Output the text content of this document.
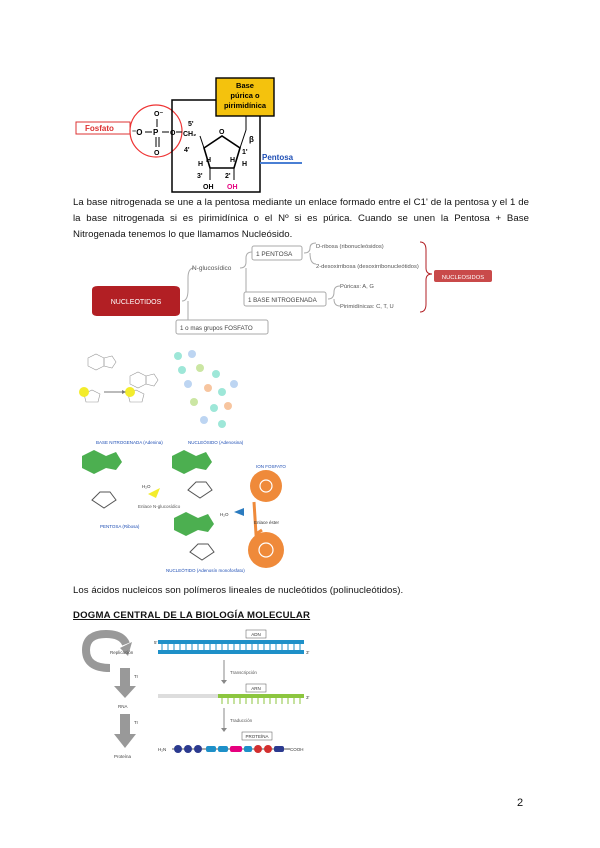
Fosfato ⁻O P
O⁻
O
O
5'
CH₂	O
4'	1'
β
H	H
H	H
3'	2'
OH OH
Base
púrica o
pirimidínica
Pentosa
La base nitrogenada se une a la pentosa mediante un enlace formado entre el C1' de la pentosa y el 1 de la base nitrogenada si es pirimidínica o el Nº si es púrica. Cuando se unen la Pentosa + Base Nitrogenada tenemos lo que llamamos Nucleósido.
NUCLEOTIDOS
N-glucosídico
1 PENTOSA
D-ribosa (ribonucleósidos)
2-desoxirribosa (desoxirribonucleótidos)
1 BASE NITROGENADA
Púricas: A, G
Pirimidínicas: C, T, U
1 o mas grupos FOSFATO
NUCLEOSIDOS
BASE NITROGENADA (Adenina)	NUCLEÓSIDO (Adenosina)
ION FOSFATO
PENTOSA (Ribosa)
Enlace N-glucosídico
H₂O
H₂O
Enlace éster
NUCLEÓTIDO (Adenosín monofosfato)
Los ácidos nucleicos son polímeros lineales de nucleótidos (polinucleótidos).
DOGMA CENTRAL DE LA BIOLOGÍA MOLECULAR
Replicación
Tr
RNA
Tr
Proteína
ADN
5'
3'
Transcripción
ARN
3'
Traducción
PROTEÍNA
H₂N	COOH
2
